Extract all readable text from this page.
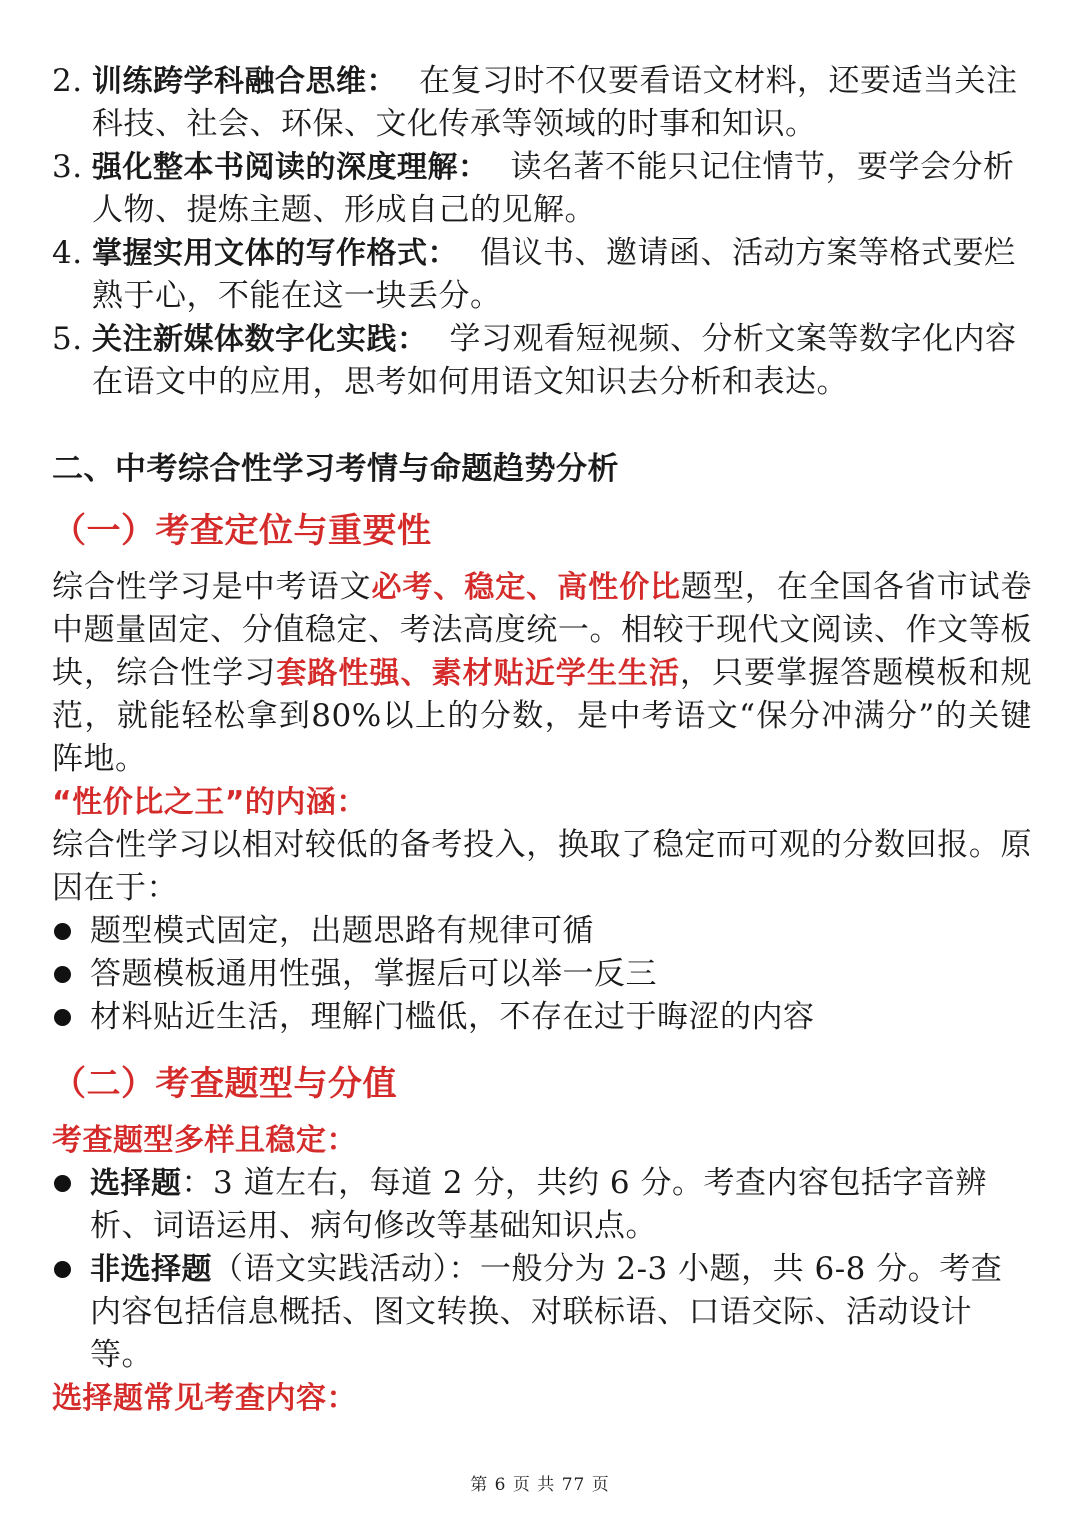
2. 训练跨学科融合思维： 在复习时不仅要看语文材料，还要适当关注科技、社会、环保、文化传承等领域的时事和知识。
3. 强化整本书阅读的深度理解： 读名著不能只记住情节，要学会分析人物、提炼主题、形成自己的见解。
4. 掌握实用文体的写作格式： 倡议书、邀请函、活动方案等格式要烂熟于心，不能在这一块丢分。
5. 关注新媒体数字化实践： 学习观看短视频、分析文案等数字化内容在语文中的应用，思考如何用语文知识去分析和表达。
二、中考综合性学习考情与命题趋势分析
（一）考查定位与重要性
综合性学习是中考语文必考、稳定、高性价比题型，在全国各省市试卷中题量固定、分值稳定、考法高度统一。相较于现代文阅读、作文等板块，综合性学习套路性强、素材贴近学生生活，只要掌握答题模板和规范，就能轻松拿到80%以上的分数，是中考语文“保分冲满分”的关键阵地。
“性价比之王”的内涵：
综合性学习以相对较低的备考投入，换取了稳定而可观的分数回报。原因在于：
题型模式固定，出题思路有规律可循
答题模板通用性强，掌握后可以举一反三
材料贴近生活，理解门槛低，不存在过于晦涩的内容
（二）考查题型与分值
考查题型多样且稳定：
选择题：3 道左右，每道 2 分，共约 6 分。考查内容包括字音辨析、词语运用、病句修改等基础知识点。
非选择题（语文实践活动）：一般分为 2-3 小题，共 6-8 分。考查内容包括信息概括、图文转换、对联标语、口语交际、活动设计等。
选择题常见考查内容：
第 6 页 共 77 页
